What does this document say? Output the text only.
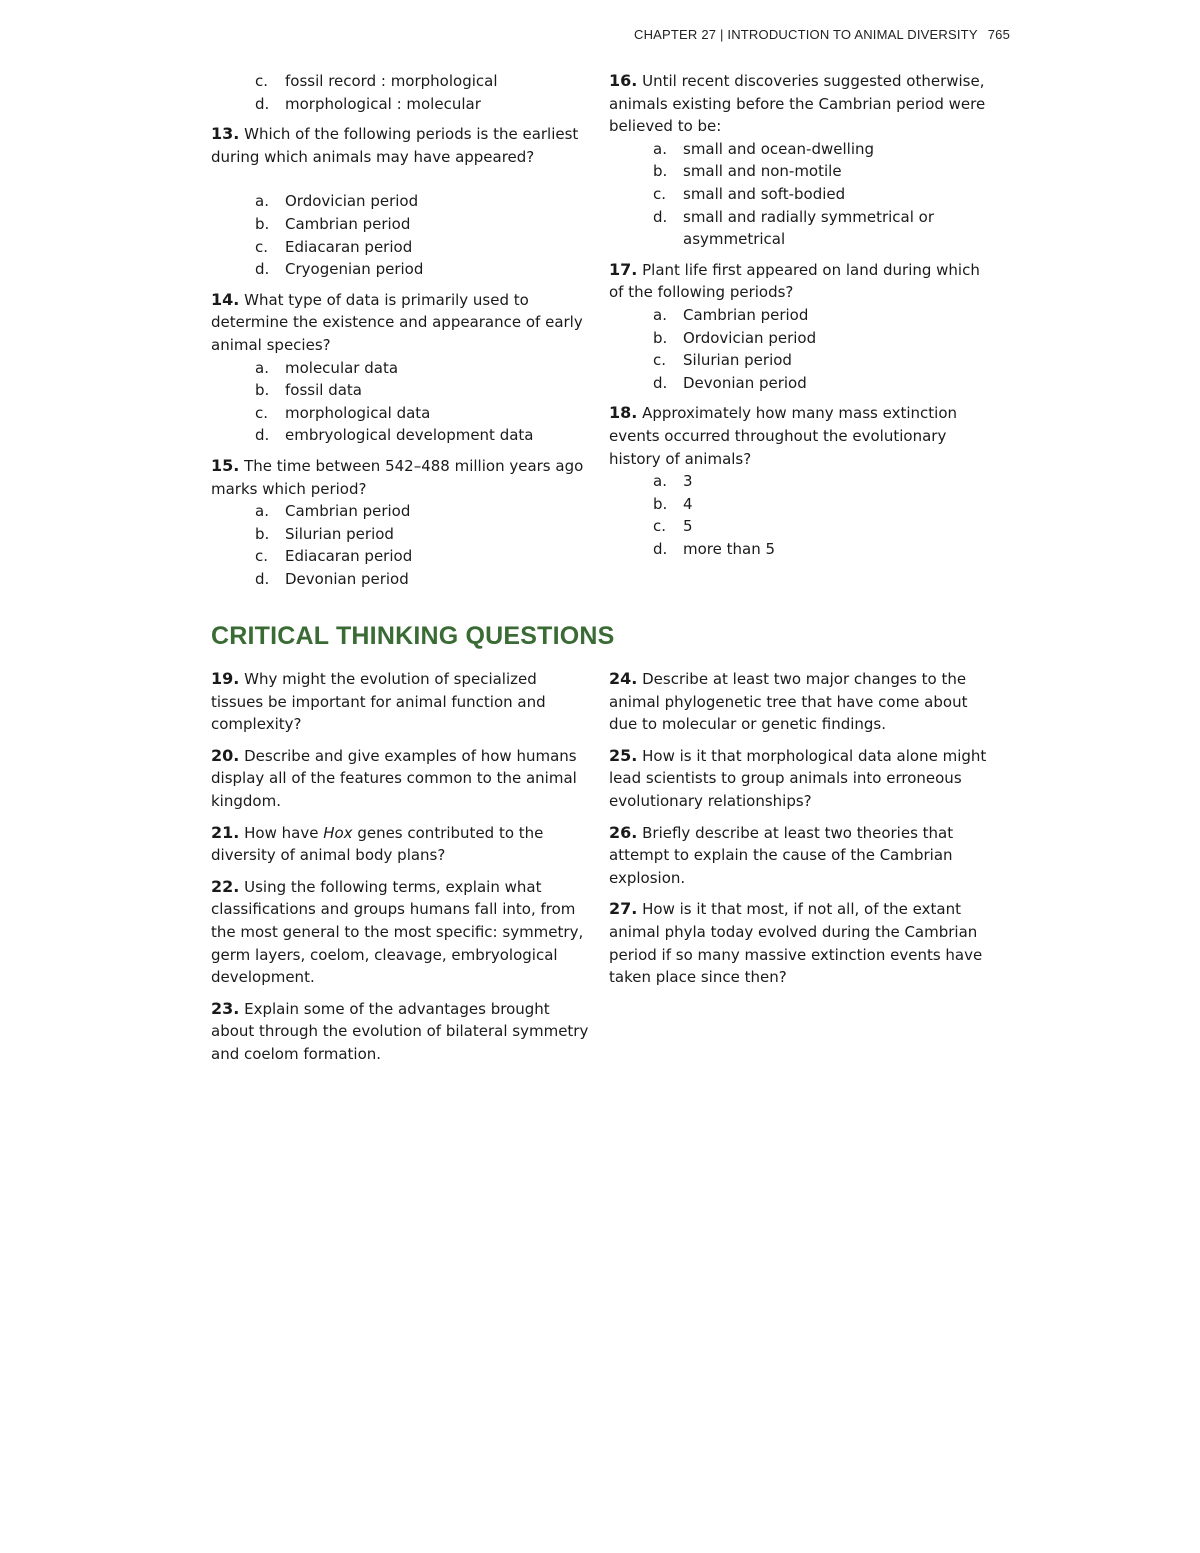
CHAPTER 27 | INTRODUCTION TO ANIMAL DIVERSITY 765
c. fossil record : morphological
d. morphological : molecular
13. Which of the following periods is the earliest during which animals may have appeared?
a. Ordovician period
b. Cambrian period
c. Ediacaran period
d. Cryogenian period
14. What type of data is primarily used to determine the existence and appearance of early animal species?
a. molecular data
b. fossil data
c. morphological data
d. embryological development data
15. The time between 542–488 million years ago marks which period?
a. Cambrian period
b. Silurian period
c. Ediacaran period
d. Devonian period
16. Until recent discoveries suggested otherwise, animals existing before the Cambrian period were believed to be:
a. small and ocean-dwelling
b. small and non-motile
c. small and soft-bodied
d. small and radially symmetrical or asymmetrical
17. Plant life first appeared on land during which of the following periods?
a. Cambrian period
b. Ordovician period
c. Silurian period
d. Devonian period
18. Approximately how many mass extinction events occurred throughout the evolutionary history of animals?
a. 3
b. 4
c. 5
d. more than 5
CRITICAL THINKING QUESTIONS

19. Why might the evolution of specialized tissues be important for animal function and complexity?

20. Describe and give examples of how humans display all of the features common to the animal kingdom.

21. How have Hox genes contributed to the diversity of animal body plans?

22. Using the following terms, explain what classifications and groups humans fall into, from the most general to the most specific: symmetry, germ layers, coelom, cleavage, embryological development.

23. Explain some of the advantages brought about through the evolution of bilateral symmetry and coelom formation.

24. Describe at least two major changes to the animal phylogenetic tree that have come about due to molecular or genetic findings.

25. How is it that morphological data alone might lead scientists to group animals into erroneous evolutionary relationships?

26. Briefly describe at least two theories that attempt to explain the cause of the Cambrian explosion.

27. How is it that most, if not all, of the extant animal phyla today evolved during the Cambrian period if so many massive extinction events have taken place since then?
